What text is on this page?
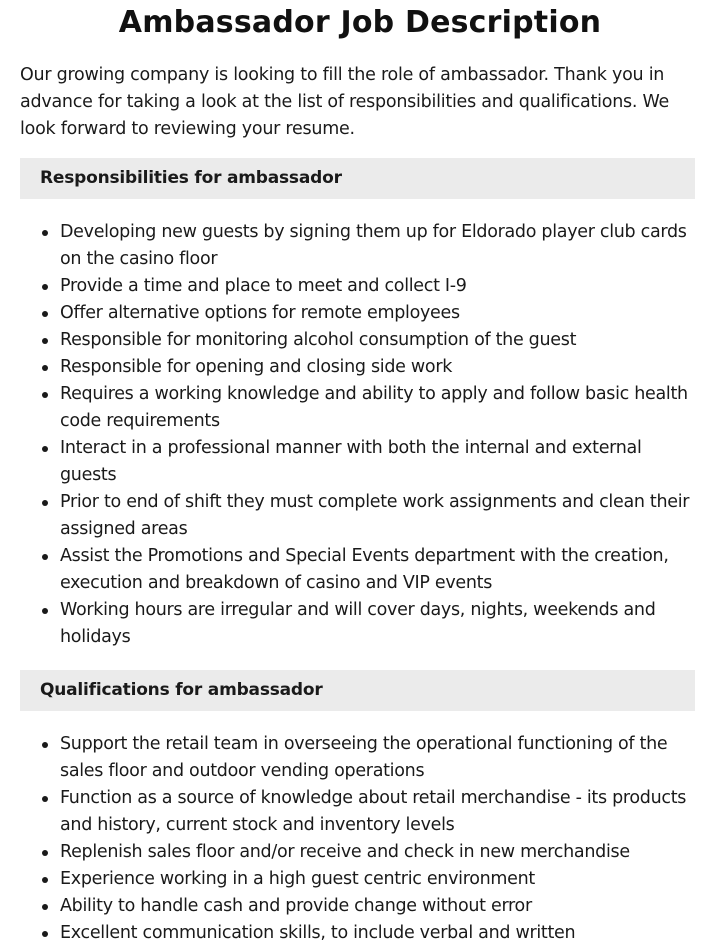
Ambassador Job Description

Our growing company is looking to fill the role of ambassador. Thank you in advance for taking a look at the list of responsibilities and qualifications. We look forward to reviewing your resume.

Responsibilities for ambassador
Developing new guests by signing them up for Eldorado player club cards on the casino floor
Provide a time and place to meet and collect I-9
Offer alternative options for remote employees
Responsible for monitoring alcohol consumption of the guest
Responsible for opening and closing side work
Requires a working knowledge and ability to apply and follow basic health code requirements
Interact in a professional manner with both the internal and external guests
Prior to end of shift they must complete work assignments and clean their assigned areas
Assist the Promotions and Special Events department with the creation, execution and breakdown of casino and VIP events
Working hours are irregular and will cover days, nights, weekends and holidays
Qualifications for ambassador
Support the retail team in overseeing the operational functioning of the sales floor and outdoor vending operations
Function as a source of knowledge about retail merchandise - its products and history, current stock and inventory levels
Replenish sales floor and/or receive and check in new merchandise
Experience working in a high guest centric environment
Ability to handle cash and provide change without error
Excellent communication skills, to include verbal and written
